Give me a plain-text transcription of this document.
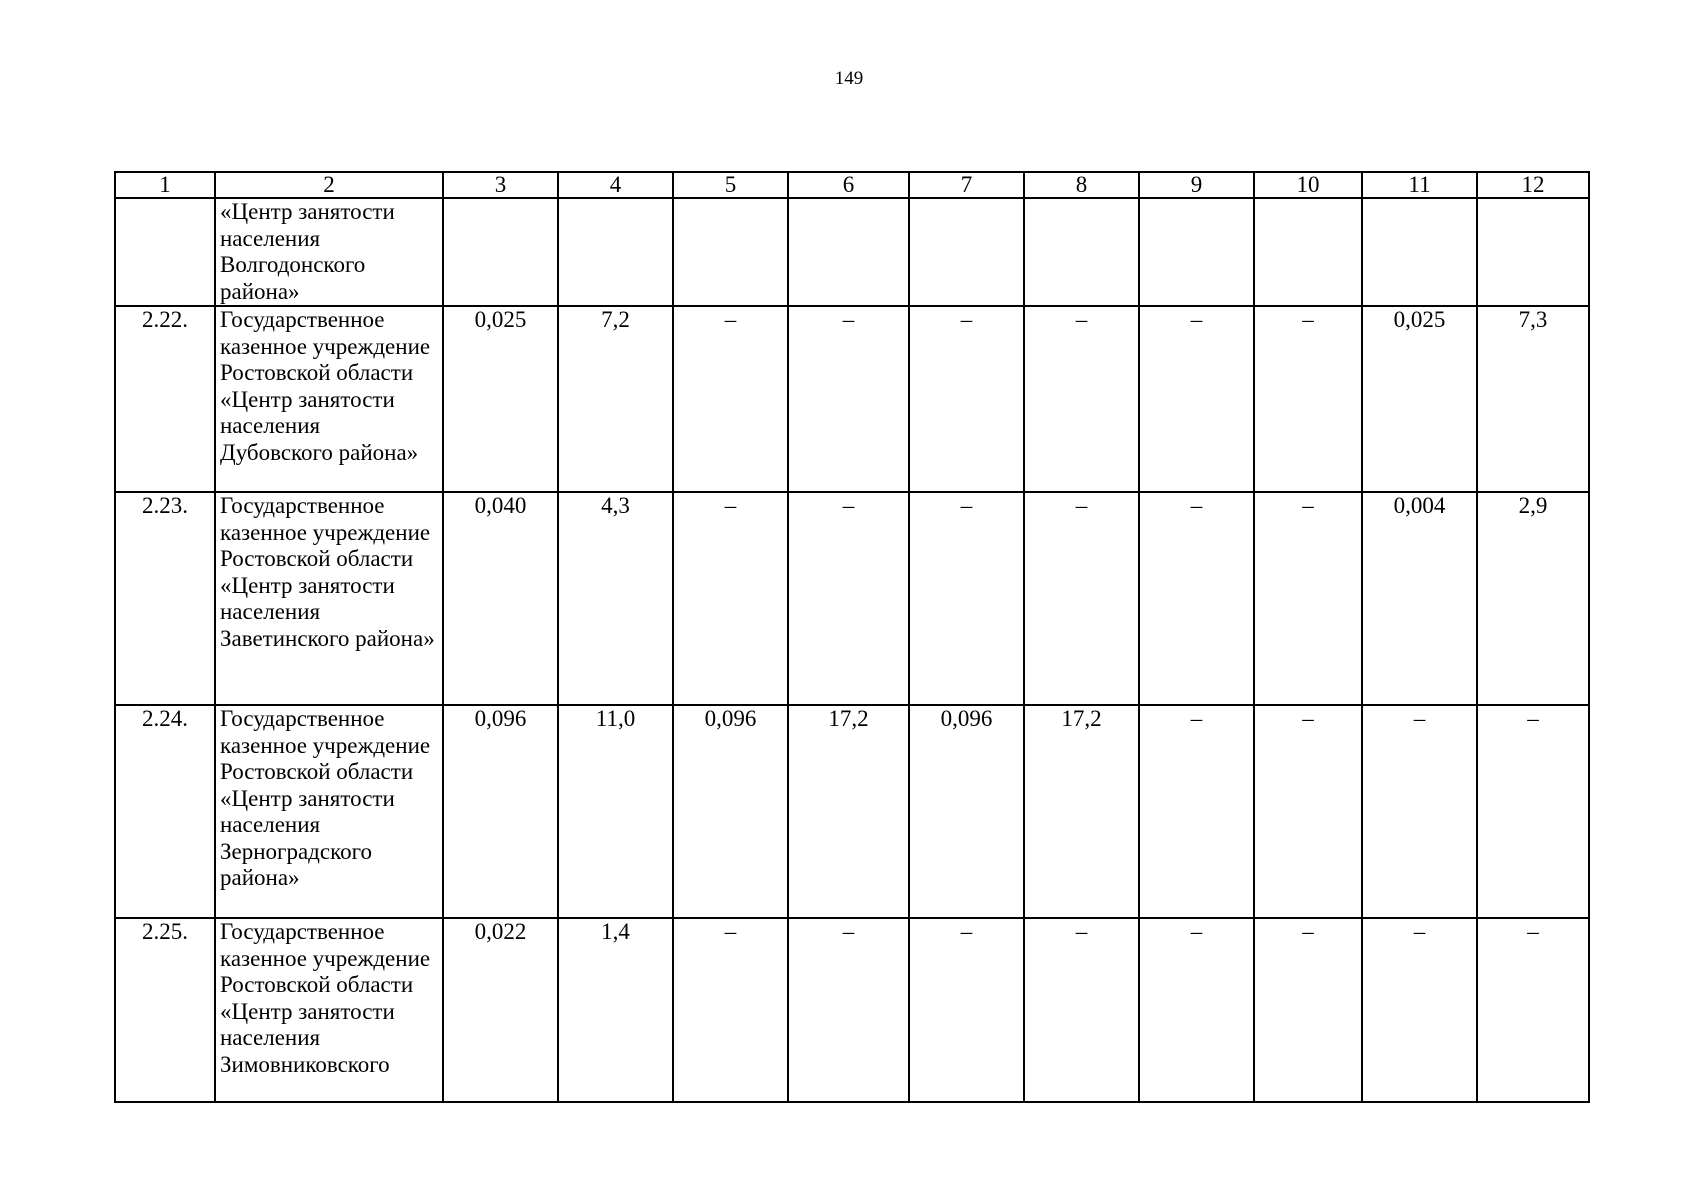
149
1	2	3	4	5	6	7	8	9	10	11	12
	«Центр занятости населения Волгодонского района»										
2.22.	Государственное казенное учреждение Ростовской области «Центр занятости населения Дубовского района»	0,025	7,2	–	–	–	–	–	–	0,025	7,3
2.23.	Государственное казенное учреждение Ростовской области «Центр занятости населения Заветинского района»	0,040	4,3	–	–	–	–	–	–	0,004	2,9
2.24.	Государственное казенное учреждение Ростовской области «Центр занятости населения Зерноградского района»	0,096	11,0	0,096	17,2	0,096	17,2	–	–	–	–
2.25.	Государственное казенное учреждение Ростовской области «Центр занятости населения Зимовниковского	0,022	1,4	–	–	–	–	–	–	–	–
